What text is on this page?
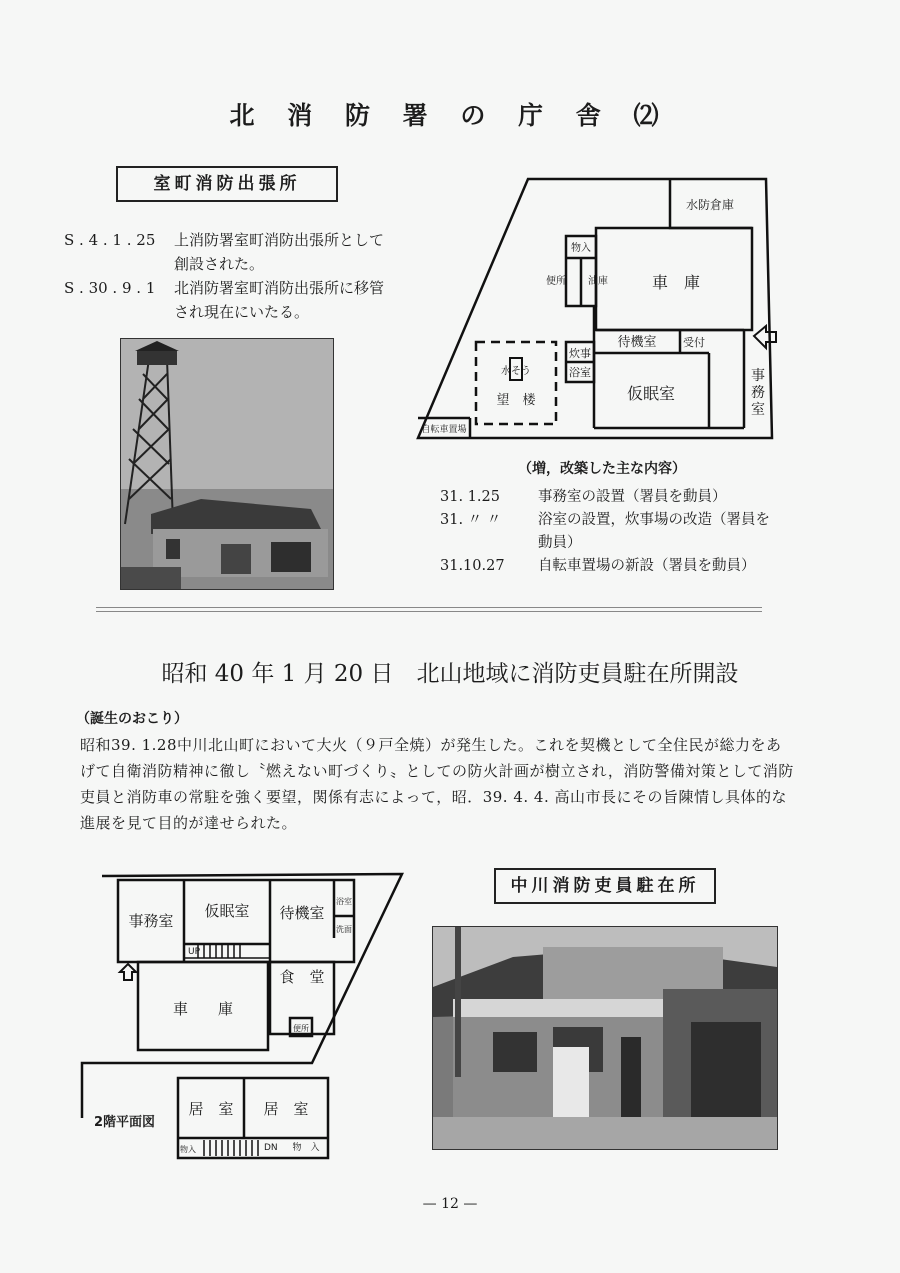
北 消 防 署 の 庁 舎 ⑵
室町消防出張所
S . 4 . 1 . 25	上消防署室町消防出張所として
創設された。
S . 30 . 9 . 1	北消防署室町消防出張所に移管
され現在にいたる。
水防倉庫
物入
便所 油庫	車　庫
待機室 受付
炊事
浴室
仮眠室
水そう
望　楼
自転車置場
事
務
室
（増，改築した主な内容）
31. 1.25	事務室の設置（署員を動員）
31. 〃 〃	浴室の設置，炊事場の改造（署員を
動員）
31.10.27	自転車置場の新設（署員を動員）
昭和 40 年 1 月 20 日　北山地域に消防吏員駐在所開設
（誕生のおこり）
昭和39. 1.28中川北山町において大火（９戸全焼）が発生した。これを契機として全住民が総力をあ
げて自衛消防精神に徹し〝燃えない町づくり〟としての防火計画が樹立され，消防警備対策として消防
吏員と消防車の常駐を強く要望，関係有志によって，昭．39. 4. 4. 高山市長にその旨陳情し具体的な
進展を見て目的が達せられた。
事務室
仮眠室 待機室
浴室
洗面
UP
車　　庫
食　堂
便所
2階平面図
居　室 居　室
物入	DN 物　入
中川消防吏員駐在所
— 12 —
